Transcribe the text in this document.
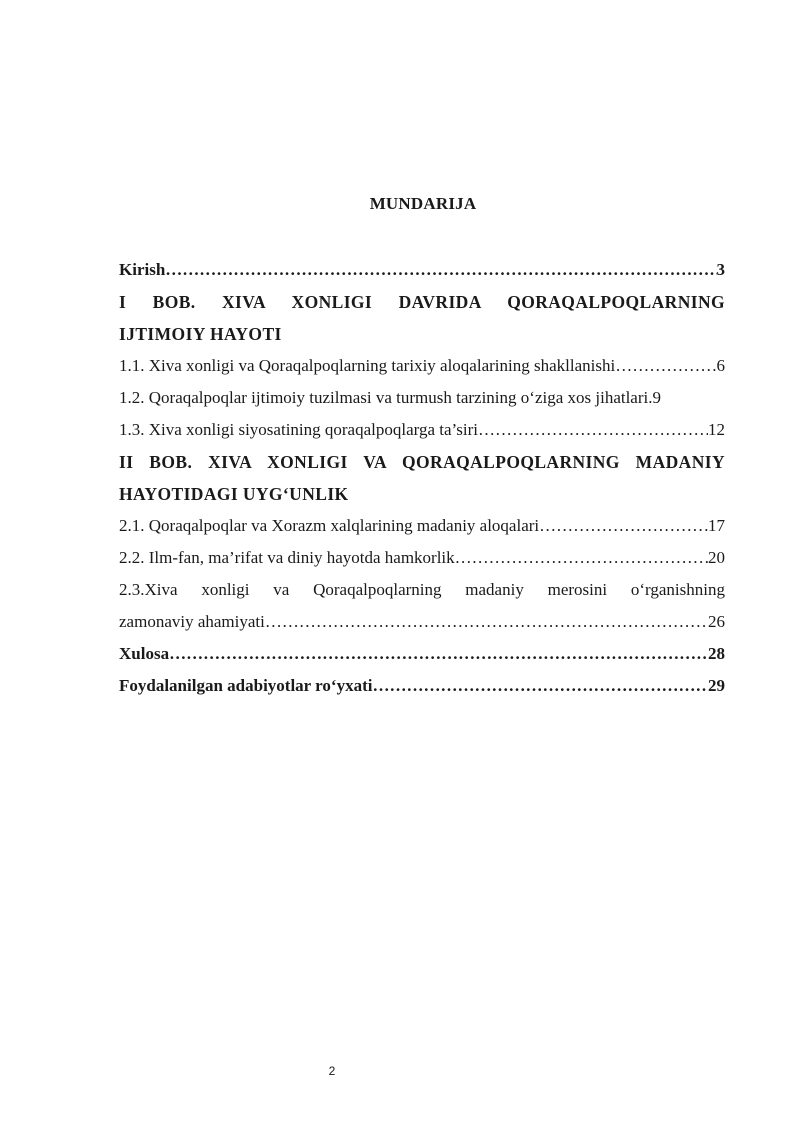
MUNDARIJA
Kirish ……………………………………………………………………………………………………………………………………………………………………………………	3
I BOB. XIVA XONLIGI DAVRIDA QORAQALPOQLARNING
IJTIMOIY HAYOTI
1.1. Xiva xonligi va Qoraqalpoqlarning tarixiy aloqalarining shakllanishi ……………………………………………………………………………………………………………………………………………………………………………………	6
1.2. Qoraqalpoqlar ijtimoiy tuzilmasi va turmush tarzining o‘ziga xos jihatlari. 9
1.3. Xiva xonligi siyosatining qoraqalpoqlarga ta’siri ……………………………………………………………………………………………………………………………………………………………………………………	12
II BOB. XIVA XONLIGI VA QORAQALPOQLARNING MADANIY
HAYOTIDAGI UYG‘UNLIK
2.1. Qoraqalpoqlar va Xorazm xalqlarining madaniy aloqalari ……………………………………………………………………………………………………………………………………………………………………………………	17
2.2. Ilm-fan, ma’rifat va diniy hayotda hamkorlik ……………………………………………………………………………………………………………………………………………………………………………………	20
2.3.Xiva xonligi va Qoraqalpoqlarning madaniy merosini o‘rganishning
zamonaviy ahamiyati ……………………………………………………………………………………………………………………………………………………………………………………	26
Xulosa ……………………………………………………………………………………………………………………………………………………………………………………	28
Foydalanilgan adabiyotlar ro‘yxati ……………………………………………………………………………………………………………………………………………………………………………………	29
2
